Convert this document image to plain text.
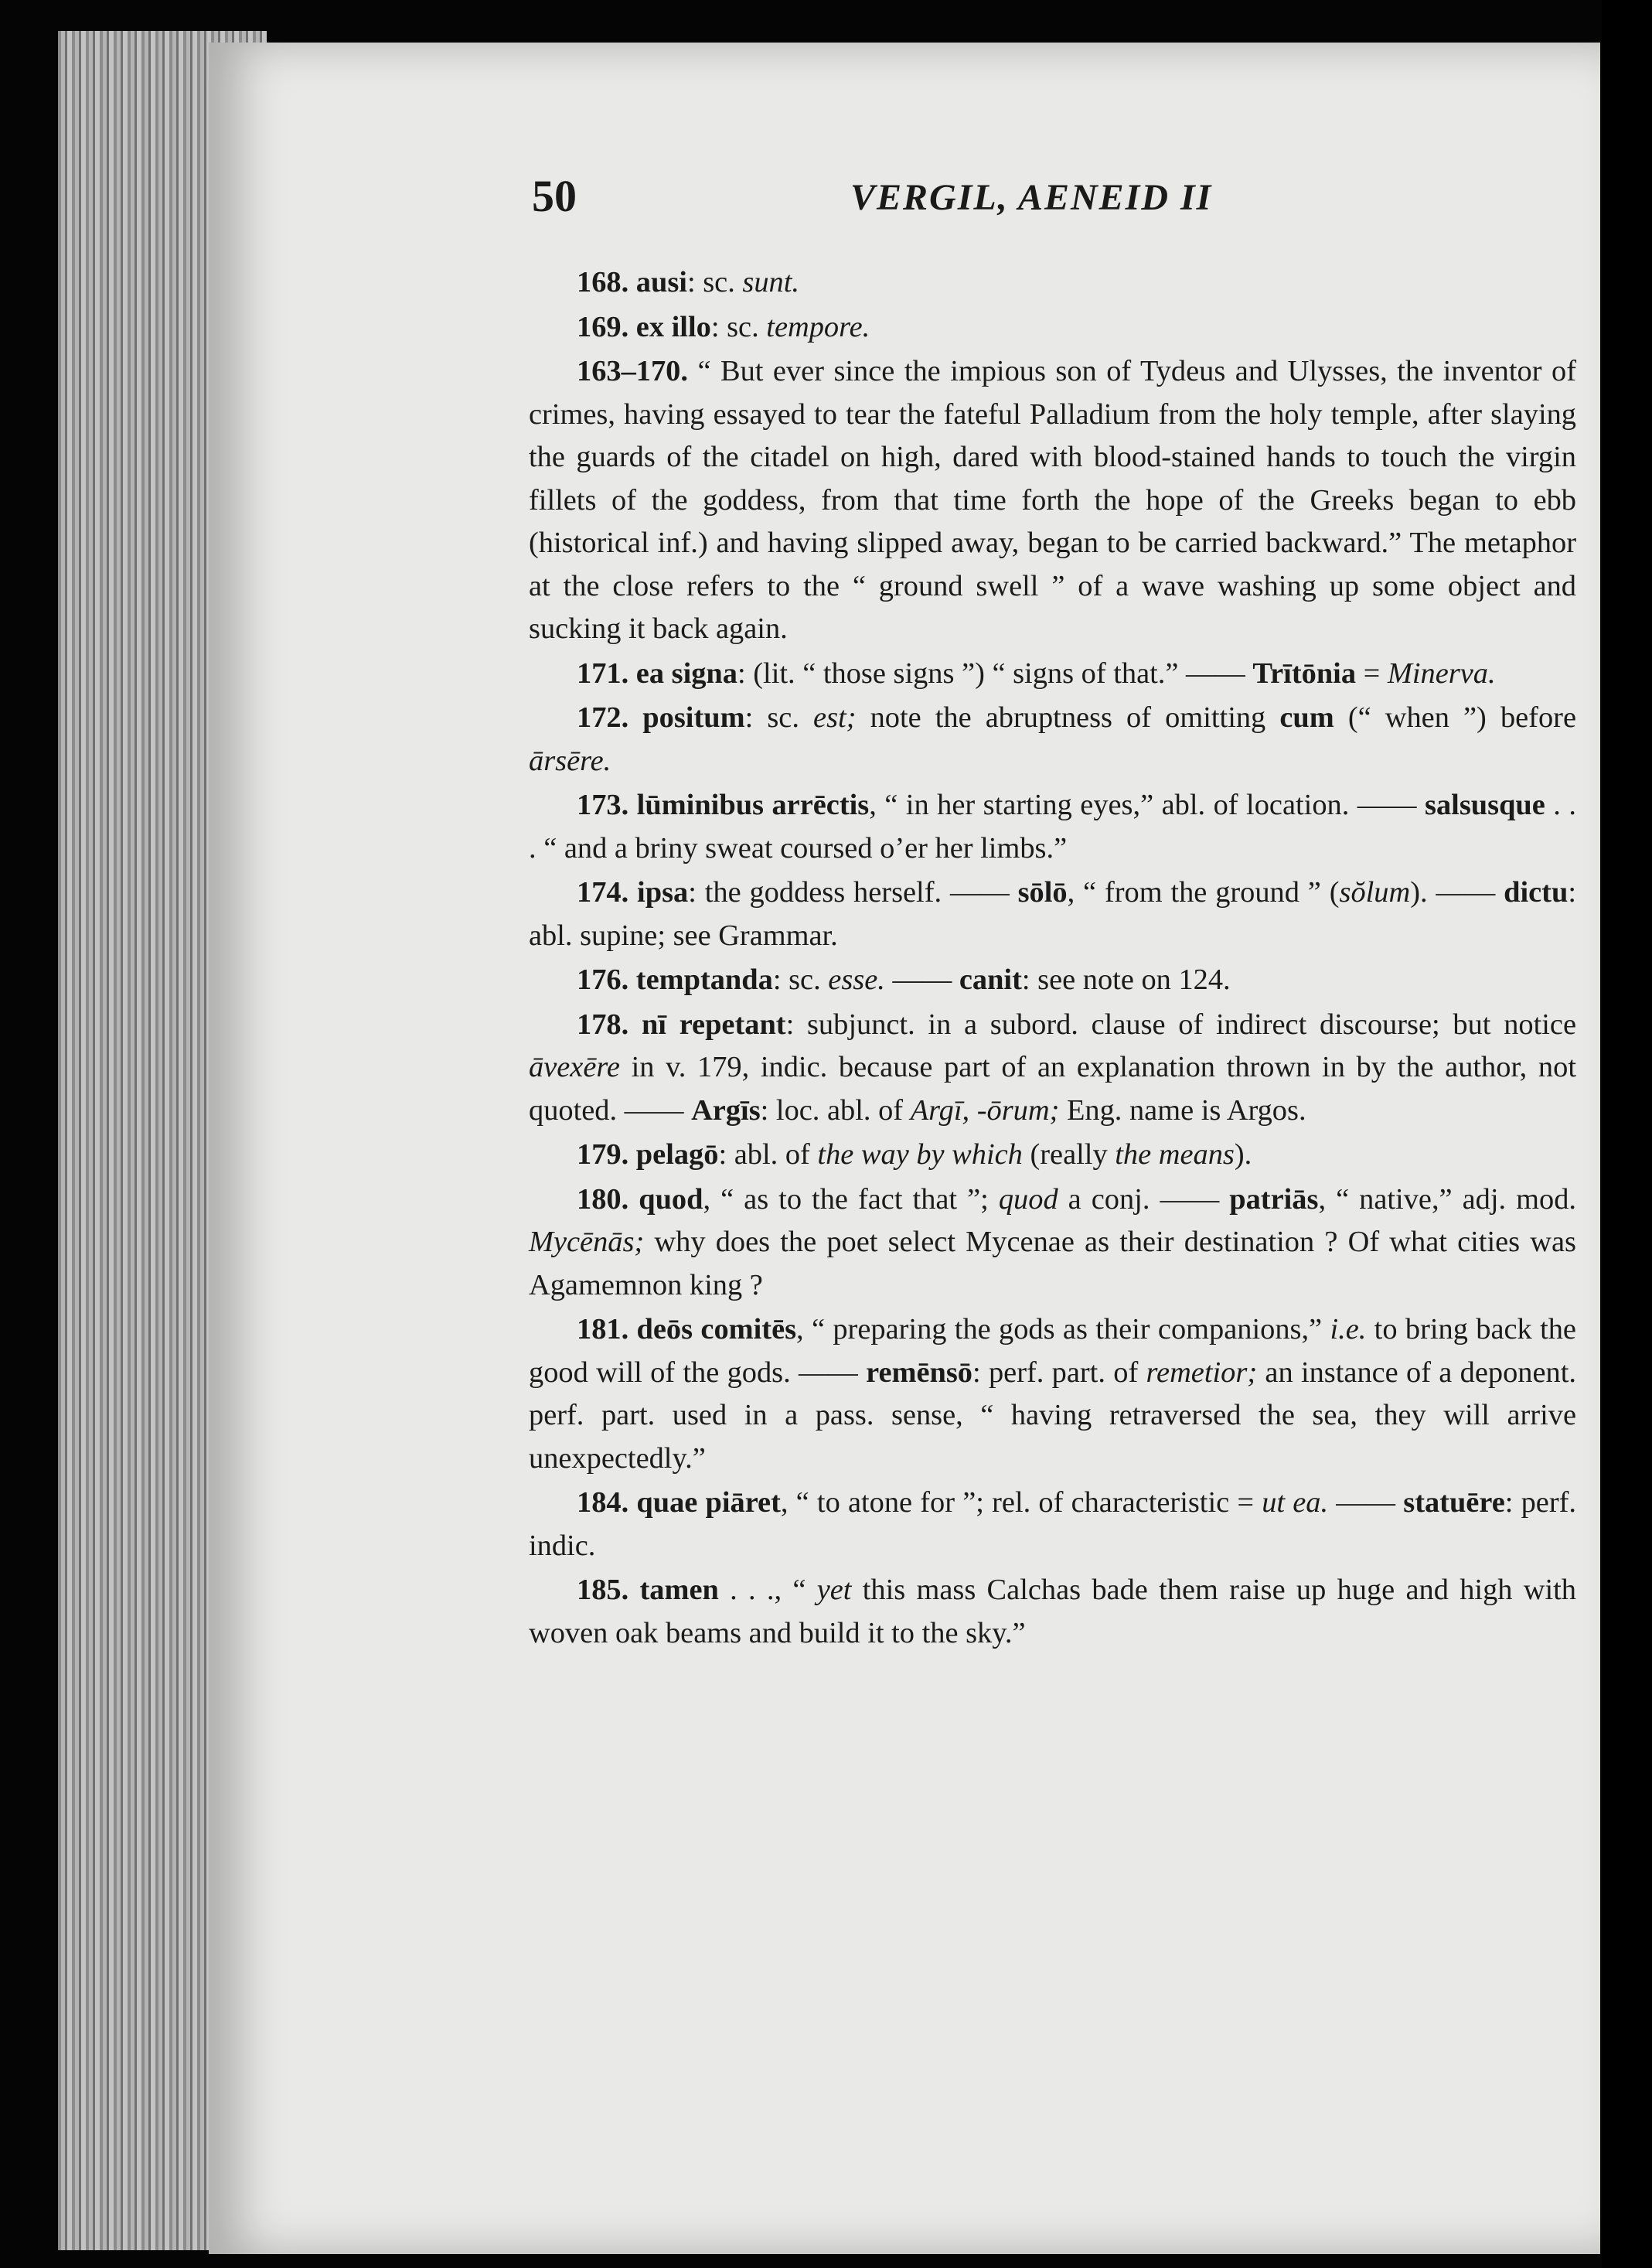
50	VERGIL, AENEID II

168. ausi: sc. sunt.

169. ex illo: sc. tempore.

163–170. “ But ever since the impious son of Tydeus and Ulysses, the inventor of crimes, having essayed to tear the fateful Palladium from the holy temple, after slaying the guards of the citadel on high, dared with blood-stained hands to touch the virgin fillets of the goddess, from that time forth the hope of the Greeks began to ebb (historical inf.) and having slipped away, began to be carried backward.” The metaphor at the close refers to the “ ground swell ” of a wave washing up some object and sucking it back again.

171. ea signa: (lit. “ those signs ”) “ signs of that.” —— Trītōnia = Minerva.

172. positum: sc. est; note the abruptness of omitting cum (“ when ”) before ārsēre.

173. lūminibus arrēctis, “ in her starting eyes,” abl. of location. —— salsusque . . . “ and a briny sweat coursed o’er her limbs.”

174. ipsa: the goddess herself. —— sōlō, “ from the ground ” (sŏlum). —— dictu: abl. supine; see Grammar.

176. temptanda: sc. esse. —— canit: see note on 124.

178. nī repetant: subjunct. in a subord. clause of indirect discourse; but notice āvexēre in v. 179, indic. because part of an explanation thrown in by the author, not quoted. —— Argīs: loc. abl. of Argī, -ōrum; Eng. name is Argos.

179. pelagō: abl. of the way by which (really the means).

180. quod, “ as to the fact that ”; quod a conj. —— patriās, “ native,” adj. mod. Mycēnās; why does the poet select Mycenae as their destination ? Of what cities was Agamemnon king ?

181. deōs comitēs, “ preparing the gods as their companions,” i.e. to bring back the good will of the gods. —— remēnsō: perf. part. of remetior; an instance of a deponent. perf. part. used in a pass. sense, “ having retraversed the sea, they will arrive unexpectedly.”

184. quae piāret, “ to atone for ”; rel. of characteristic = ut ea. —— statuēre: perf. indic.

185. tamen . . ., “ yet this mass Calchas bade them raise up huge and high with woven oak beams and build it to the sky.”
